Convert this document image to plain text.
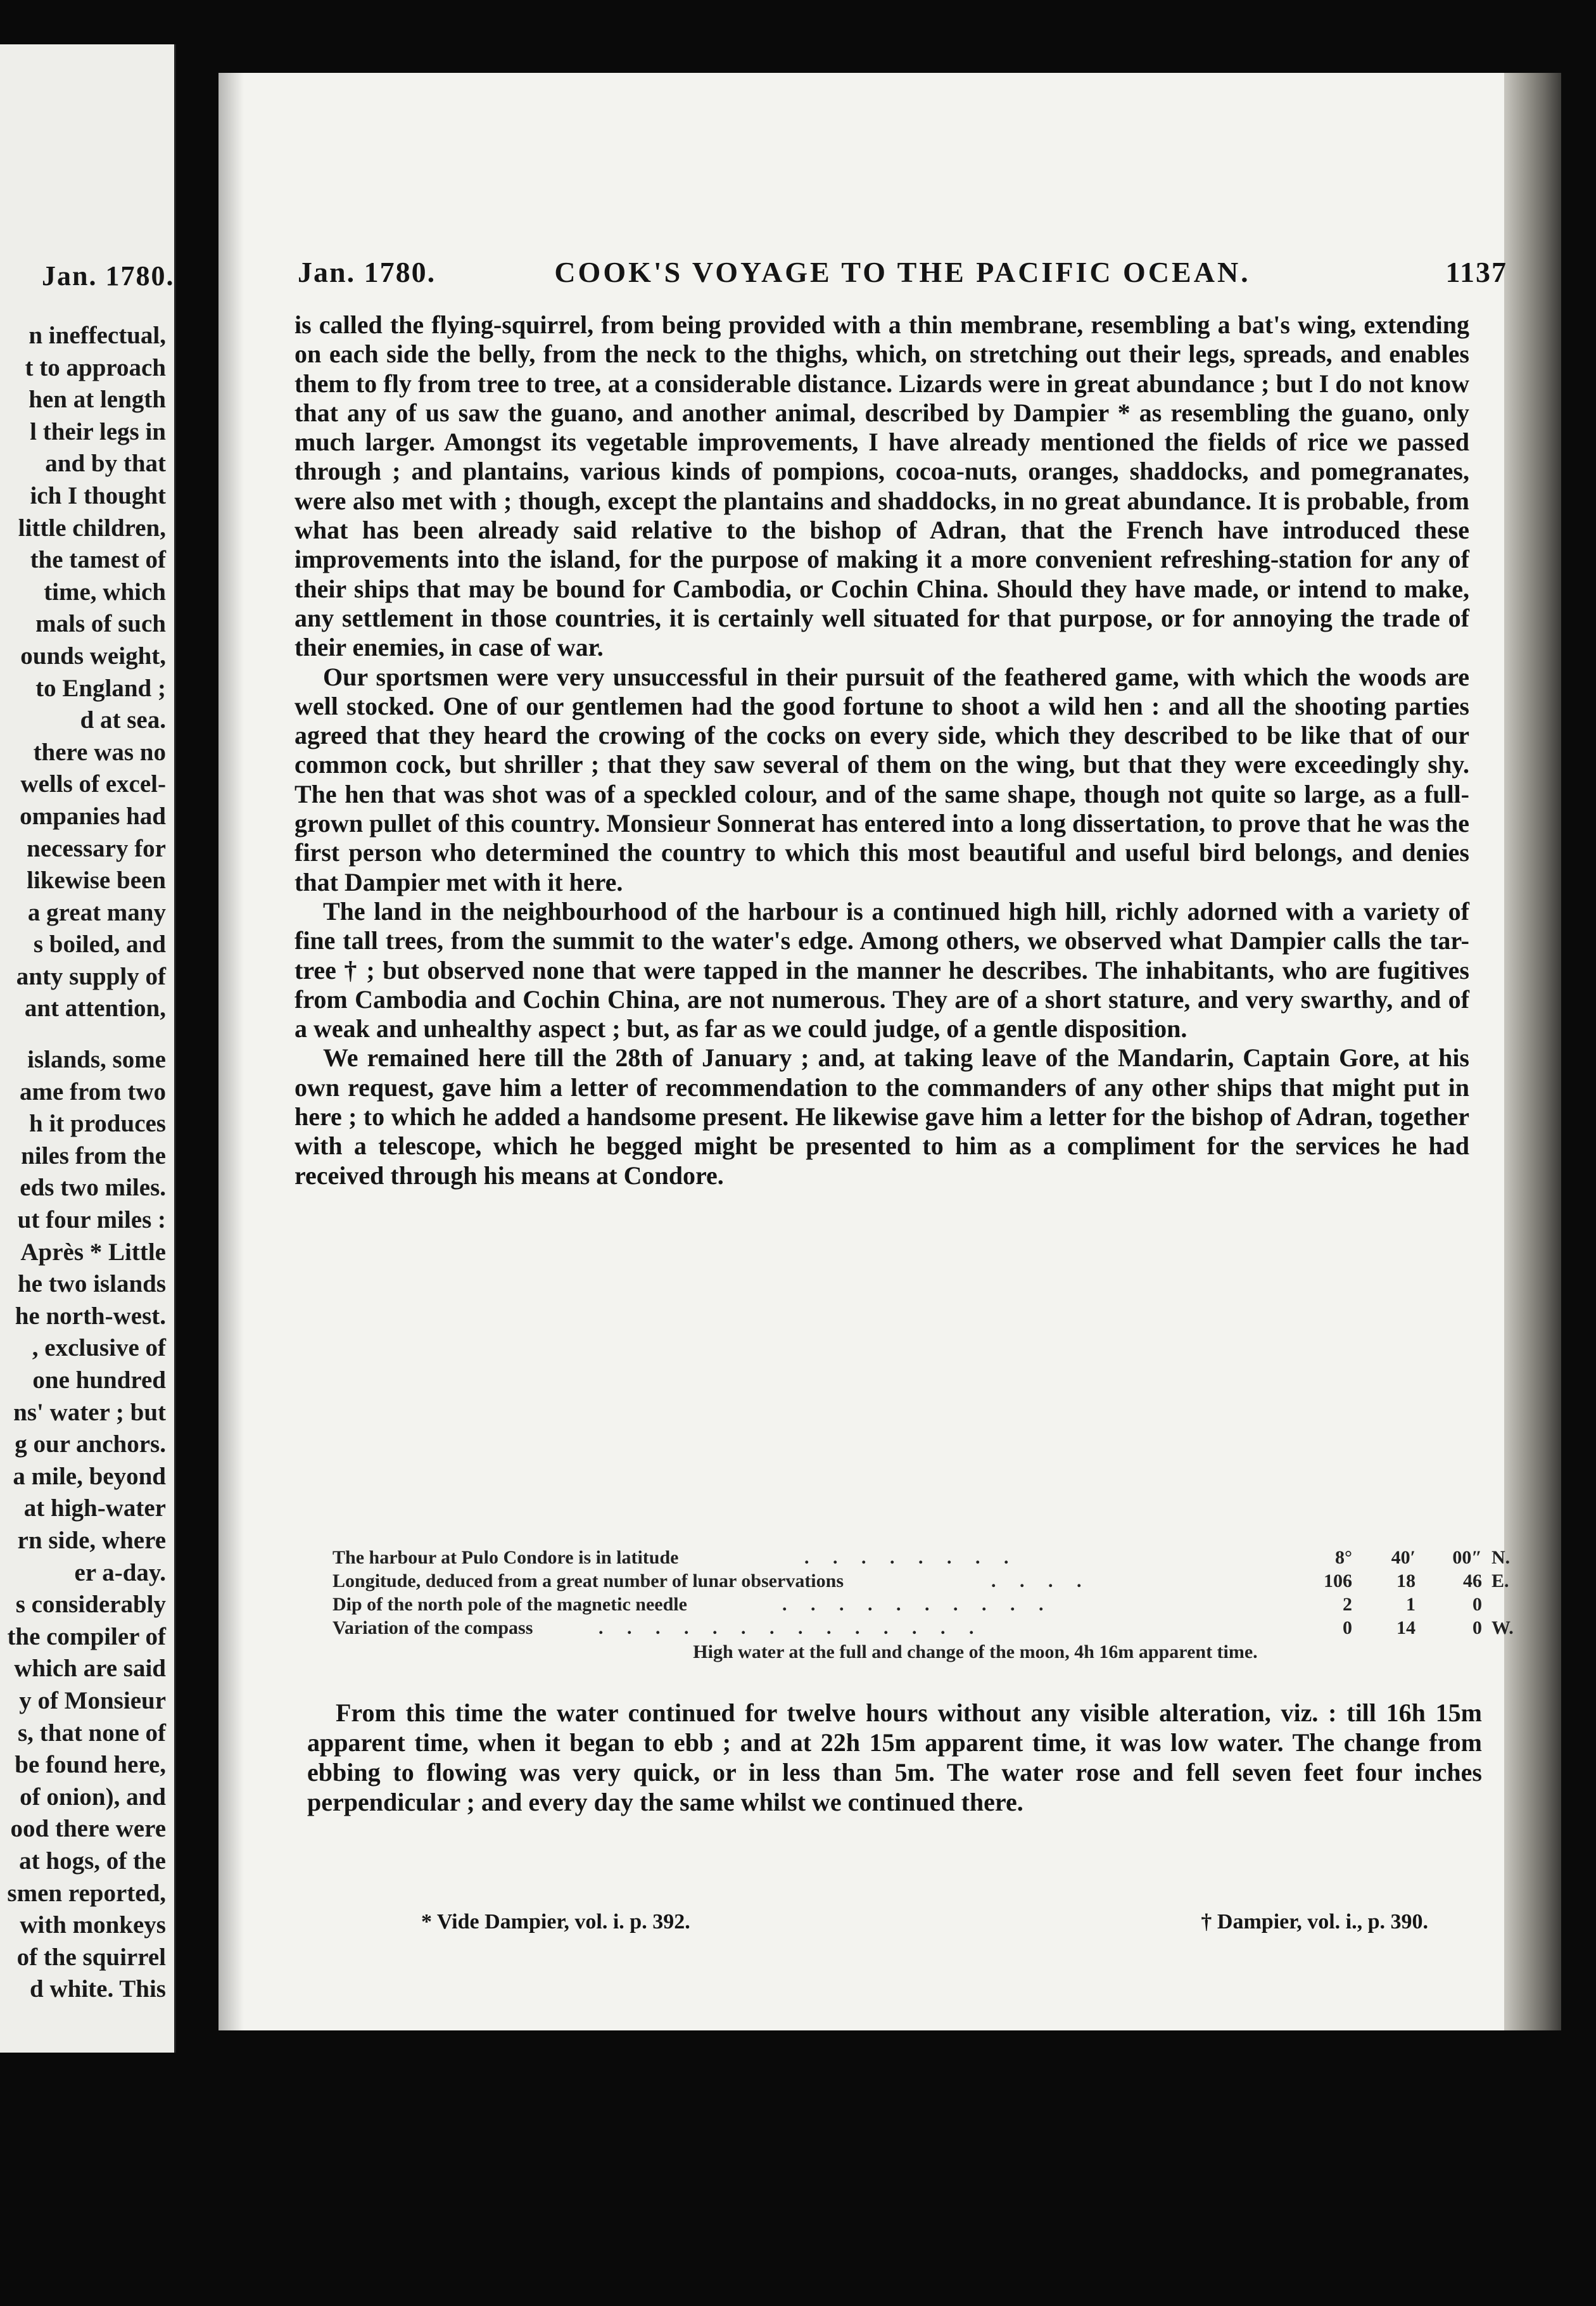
Jan. 1780.
n ineffectual,
t to approach
hen at length
l their legs in
and by that
ich I thought
little children,
the tamest of
time, which
mals of such
ounds weight,
to England ;
d at sea.
there was no
wells of excel-
ompanies had
necessary for
likewise been
a great many
s boiled, and
anty supply of
ant attention,
islands, some
ame from two
h it produces
niles from the
eds two miles.
ut four miles :
Après * Little
he two islands
he north-west.
, exclusive of
one hundred
ns' water ; but
g our anchors.
a mile, beyond
at high-water
rn side, where
er a-day.
s considerably
the compiler of
which are said
y of Monsieur
s, that none of
be found here,
of onion), and
ood there were
at hogs, of the
smen reported,
with monkeys
of the squirrel
d white. This
Jan. 1780.	COOK'S VOYAGE TO THE PACIFIC OCEAN.	1137

is called the flying-squirrel, from being provided with a thin membrane, resembling a bat's wing, extending on each side the belly, from the neck to the thighs, which, on stretching out their legs, spreads, and enables them to fly from tree to tree, at a considerable distance. Lizards were in great abundance ; but I do not know that any of us saw the guano, and another animal, described by Dampier * as resembling the guano, only much larger. Amongst its vegetable improvements, I have already mentioned the fields of rice we passed through ; and plantains, various kinds of pompions, cocoa-nuts, oranges, shaddocks, and pomegranates, were also met with ; though, except the plantains and shaddocks, in no great abundance. It is probable, from what has been already said relative to the bishop of Adran, that the French have introduced these improvements into the island, for the purpose of making it a more convenient refreshing-station for any of their ships that may be bound for Cambodia, or Cochin China. Should they have made, or intend to make, any settlement in those countries, it is certainly well situated for that purpose, or for annoying the trade of their enemies, in case of war.

Our sportsmen were very unsuccessful in their pursuit of the feathered game, with which the woods are well stocked. One of our gentlemen had the good fortune to shoot a wild hen : and all the shooting parties agreed that they heard the crowing of the cocks on every side, which they described to be like that of our common cock, but shriller ; that they saw several of them on the wing, but that they were exceedingly shy. The hen that was shot was of a speckled colour, and of the same shape, though not quite so large, as a full-grown pullet of this country. Monsieur Sonnerat has entered into a long dissertation, to prove that he was the first person who determined the country to which this most beautiful and useful bird belongs, and denies that Dampier met with it here.

The land in the neighbourhood of the harbour is a continued high hill, richly adorned with a variety of fine tall trees, from the summit to the water's edge. Among others, we observed what Dampier calls the tar-tree † ; but observed none that were tapped in the manner he describes. The inhabitants, who are fugitives from Cambodia and Cochin China, are not numerous. They are of a short stature, and very swarthy, and of a weak and unhealthy aspect ; but, as far as we could judge, of a gentle disposition.

We remained here till the 28th of January ; and, at taking leave of the Mandarin, Captain Gore, at his own request, gave him a letter of recommendation to the commanders of any other ships that might put in here ; to which he added a handsome present. He likewise gave him a letter for the bishop of Adran, together with a telescope, which he begged might be presented to him as a compliment for the services he had received through his means at Condore.

The harbour at Pulo Condore is in latitude	. . . . . . . .	8°	40′	00″ N.
Longitude, deduced from a great number of lunar observations	. . . .	106	18	46 E.
Dip of the north pole of the magnetic needle	. . . . . . . . . .	2	1	0
Variation of the compass	. . . . . . . . . . . . . .	0	14	0 W.
High water at the full and change of the moon, 4h 16m apparent time.

From this time the water continued for twelve hours without any visible alteration, viz. : till 16h 15m apparent time, when it began to ebb ; and at 22h 15m apparent time, it was low water. The change from ebbing to flowing was very quick, or in less than 5m. The water rose and fell seven feet four inches perpendicular ; and every day the same whilst we continued there.

* Vide Dampier, vol. i. p. 392.	† Dampier, vol. i., p. 390.
